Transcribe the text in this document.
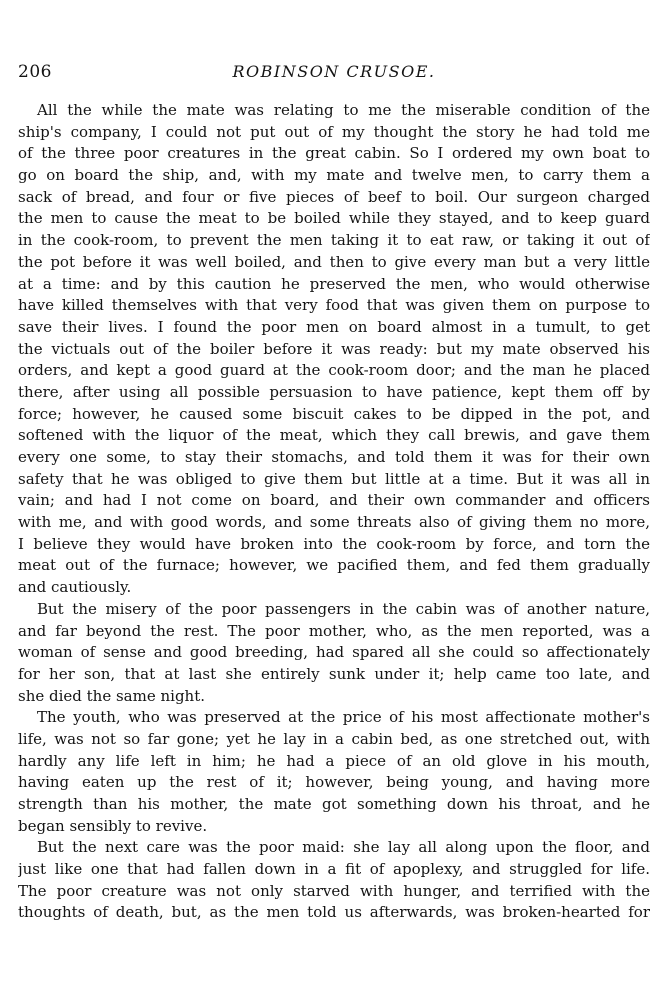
206	ROBINSON CRUSOE.
All the while the mate was relating to me the miserable condition of the
ship's company, I could not put out of my thought the story he had told me
of the three poor creatures in the great cabin. So I ordered my own boat to
go on board the ship, and, with my mate and twelve men, to carry them a
sack of bread, and four or five pieces of beef to boil. Our surgeon charged
the men to cause the meat to be boiled while they stayed, and to keep guard
in the cook-room, to prevent the men taking it to eat raw, or taking it out of
the pot before it was well boiled, and then to give every man but a very little
at a time: and by this caution he preserved the men, who would otherwise
have killed themselves with that very food that was given them on purpose to
save their lives. I found the poor men on board almost in a tumult, to get
the victuals out of the boiler before it was ready: but my mate observed his
orders, and kept a good guard at the cook-room door; and the man he placed
there, after using all possible persuasion to have patience, kept them off by
force; however, he caused some biscuit cakes to be dipped in the pot, and
softened with the liquor of the meat, which they call brewis, and gave them
every one some, to stay their stomachs, and told them it was for their own
safety that he was obliged to give them but little at a time. But it was all in
vain; and had I not come on board, and their own commander and officers
with me, and with good words, and some threats also of giving them no more,
I believe they would have broken into the cook-room by force, and torn the
meat out of the furnace; however, we pacified them, and fed them gradually
and cautiously.
But the misery of the poor passengers in the cabin was of another nature,
and far beyond the rest. The poor mother, who, as the men reported, was a
woman of sense and good breeding, had spared all she could so affectionately
for her son, that at last she entirely sunk under it; help came too late, and
she died the same night.
The youth, who was preserved at the price of his most affectionate mother's
life, was not so far gone; yet he lay in a cabin bed, as one stretched out, with
hardly any life left in him; he had a piece of an old glove in his mouth,
having eaten up the rest of it; however, being young, and having more
strength than his mother, the mate got something down his throat, and he
began sensibly to revive.
But the next care was the poor maid: she lay all along upon the floor, and
just like one that had fallen down in a fit of apoplexy, and struggled for life.
The poor creature was not only starved with hunger, and terrified with the
thoughts of death, but, as the men told us afterwards, was broken-hearted for
